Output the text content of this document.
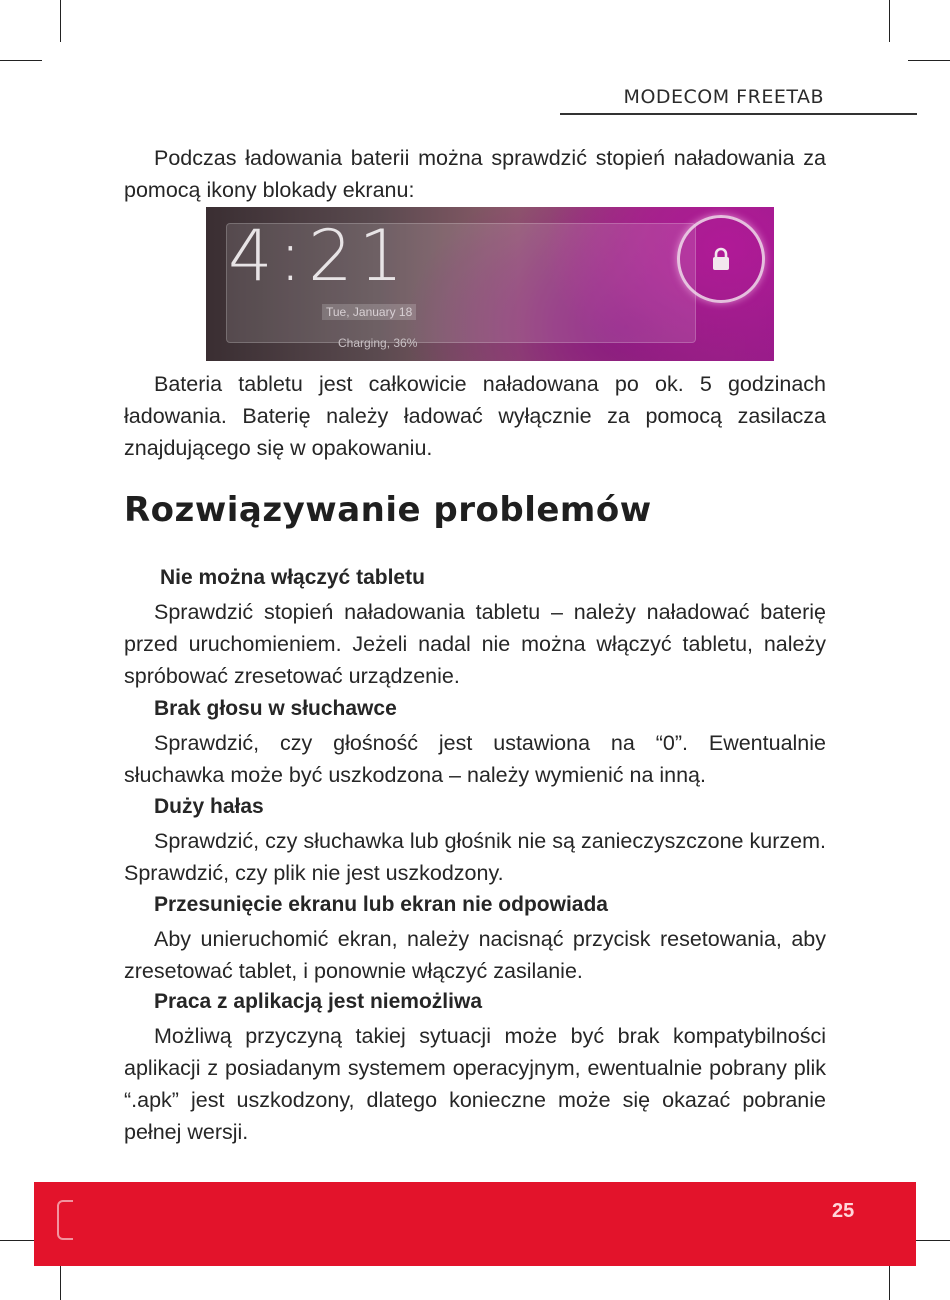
MODECOM FREETAB

Podczas ładowania baterii można sprawdzić stopień naładowania za pomocą ikony blokady ekranu:

4:21
Tue, January 18
Charging, 36%

Bateria tabletu jest całkowicie naładowana po ok. 5 godzinach ładowania. Baterię należy ładować wyłącznie za pomocą zasilacza znajdującego się w opakowaniu.

Rozwiązywanie problemów
Nie można włączyć tabletu

Sprawdzić stopień naładowania tabletu – należy naładować baterię przed uruchomieniem. Jeżeli nadal nie można włączyć tabletu, należy spróbować zresetować urządzenie.

Brak głosu w słuchawce

Sprawdzić, czy głośność jest ustawiona na “0”. Ewentualnie słuchawka może być uszkodzona – należy wymienić na inną.

Duży hałas

Sprawdzić, czy słuchawka lub głośnik nie są zanieczyszczone kurzem. Sprawdzić, czy plik nie jest uszkodzony.

Przesunięcie ekranu lub ekran nie odpowiada

Aby unieruchomić ekran, należy nacisnąć przycisk resetowania, aby zresetować tablet, i ponownie włączyć zasilanie.

Praca z aplikacją jest niemożliwa

Możliwą przyczyną takiej sytuacji może być brak kompatybilności aplikacji z posiadanym systemem operacyjnym, ewentualnie pobrany plik “.apk” jest uszkodzony, dlatego konieczne może się okazać pobranie pełnej wersji.

25
